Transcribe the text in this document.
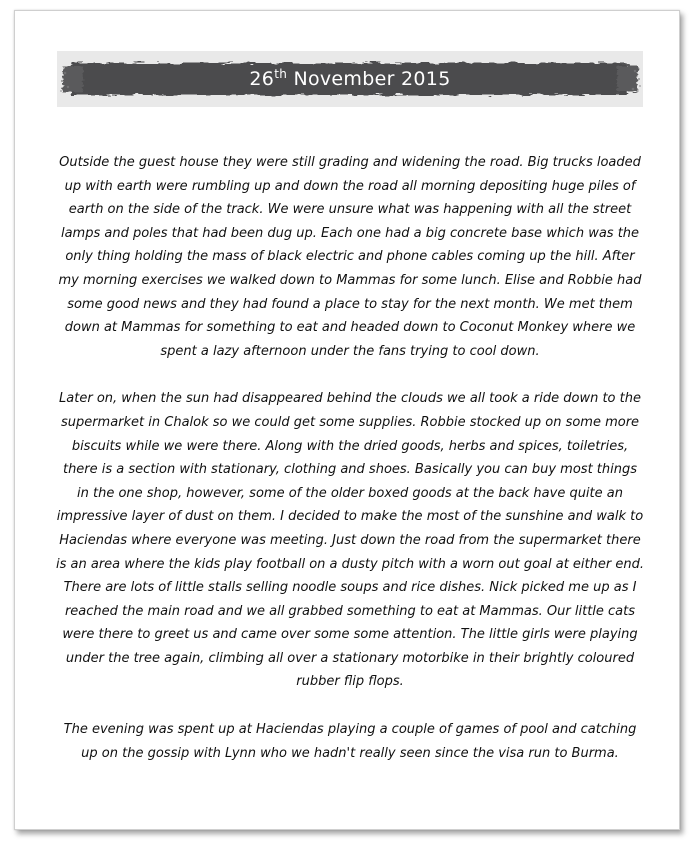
26th November 2015

Outside the guest house they were still grading and widening the road. Big trucks loaded up with earth were rumbling up and down the road all morning depositing huge piles of earth on the side of the track. We were unsure what was happening with all the street lamps and poles that had been dug up. Each one had a big concrete base which was the only thing holding the mass of black electric and phone cables coming up the hill. After my morning exercises we walked down to Mammas for some lunch. Elise and Robbie had some good news and they had found a place to stay for the next month. We met them down at Mammas for something to eat and headed down to Coconut Monkey where we spent a lazy afternoon under the fans trying to cool down.

Later on, when the sun had disappeared behind the clouds we all took a ride down to the supermarket in Chalok so we could get some supplies. Robbie stocked up on some more biscuits while we were there. Along with the dried goods, herbs and spices, toiletries, there is a section with stationary, clothing and shoes. Basically you can buy most things in the one shop, however, some of the older boxed goods at the back have quite an impressive layer of dust on them. I decided to make the most of the sunshine and walk to Haciendas where everyone was meeting. Just down the road from the supermarket there is an area where the kids play football on a dusty pitch with a worn out goal at either end. There are lots of little stalls selling noodle soups and rice dishes. Nick picked me up as I reached the main road and we all grabbed something to eat at Mammas. Our little cats were there to greet us and came over some some attention. The little girls were playing under the tree again, climbing all over a stationary motorbike in their brightly coloured rubber flip flops.

The evening was spent up at Haciendas playing a couple of games of pool and catching up on the gossip with Lynn who we hadn't really seen since the visa run to Burma.
